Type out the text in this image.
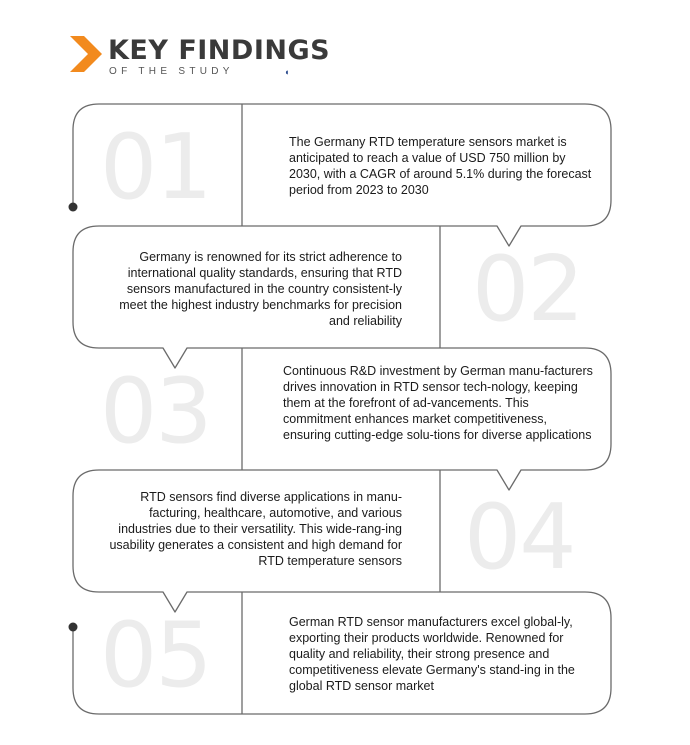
KEY FINDINGS
OF THE STUDY	◖
01	The Germany RTD temperature sensors market is anticipated to reach a value of USD 750 million by 2030, with a CAGR of around 5.1% during the forecast period from 2023 to 2030
02
Germany is renowned for its strict adherence to international quality standards, ensuring that RTD sensors manufactured in the country consistent-ly meet the highest industry benchmarks for precision and reliability
03	Continuous R&D investment by German manu-facturers drives innovation in RTD sensor tech-nology, keeping them at the forefront of ad-vancements. This commitment enhances market competitiveness, ensuring cutting-edge solu-tions for diverse applications
04
RTD sensors find diverse applications in manu-facturing, healthcare, automotive, and various industries due to their versatility. This wide-rang-ing usability generates a consistent and high demand for RTD temperature sensors
05	German RTD sensor manufacturers excel global-ly, exporting their products worldwide. Renowned for quality and reliability, their strong presence and competitiveness elevate Germany's stand-ing in the global RTD sensor market
